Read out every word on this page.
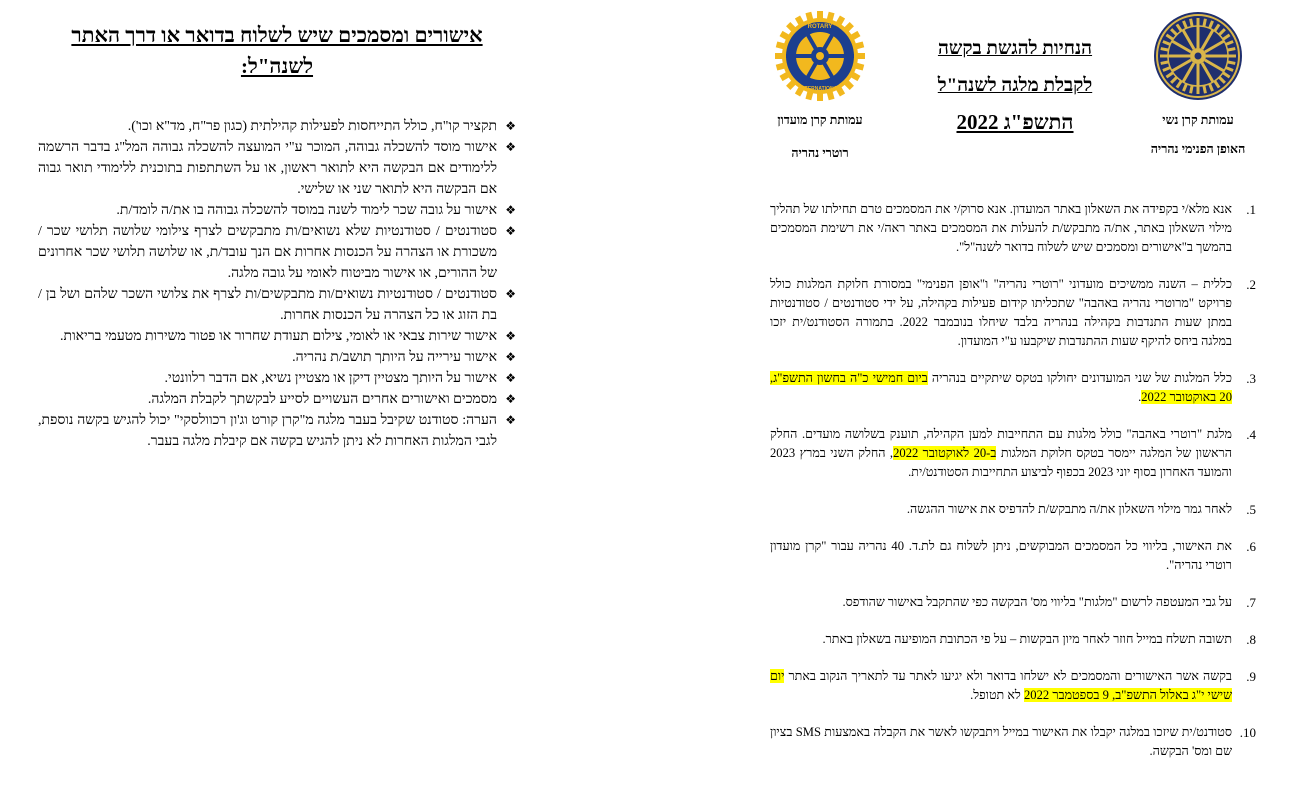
אישורים ומסמכים שיש לשלוח בדואר או דרך האתר
לשנה"ל:
❖
תקציר קו"ח, כולל התייחסות לפעילות קהילתית (כגון פר"ח, מד"א וכו').
❖
אישור מוסד להשכלה גבוהה, המוכר ע"י המועצה להשכלה גבוהה המל"ג בדבר הרשמה ללימודים אם הבקשה היא לתואר ראשון, או על השתתפות בתוכנית ללימודי תואר גבוה אם הבקשה היא לתואר שני או שלישי.
❖
אישור על גובה שכר לימוד לשנה במוסד להשכלה גבוהה בו את/ה לומד/ת.
❖
סטודנטים / סטודנטיות שלא נשואים/ות מתבקשים לצרף צילומי שלושה תלושי שכר / משכורת או הצהרה על הכנסות אחרות אם הנך עובד/ת, או שלושה תלושי שכר אחרונים של ההורים, או אישור מביטוח לאומי על גובה מלגה.
❖
סטודנטים / סטודנטיות נשואים/ות מתבקשים/ות לצרף את צלושי השכר שלהם ושל בן / בת הזוג או כל הצהרה על הכנסות אחרות.
❖
אישור שירות צבאי או לאומי, צילום תעודת שחרור או פטור משירות מטעמי בריאות.
❖
אישור עירייה על היותך תושב/ת נהריה.
❖
אישור על היותך מצטיין דיקן או מצטיין נשיא, אם הדבר רלוונטי.
❖
מסמכים ואישורים אחרים העשויים לסייע לבקשתך לקבלת המלגה.
❖
הערה: סטודנט שקיבל בעבר מלגה מ"קרן קורט וג'ון רכוולסקי" יכול להגיש בקשה נוספת, לגבי המלגות האחרות לא ניתן להגיש בקשה אם קיבלת מלגה בעבר.
עמותת קרן נשי
האופן הפנימי נהריה
הנחיות להגשת בקשה
לקבלת מלגה לשנה"ל
התשפ"ג 2022
ROTARY
INTERNATIONAL
עמותת קרן מועדון
רוטרי נהריה
1.
אנא מלא/י בקפידה את השאלון באתר המועדון. אנא סרוק/י את המסמכים טרם תחילתו של תהליך מילוי השאלון באתר, את/ה מתבקש/ת להעלות את המסמכים באתר ראה/י את רשימת המסמכים בהמשך ב"אישורים ומסמכים שיש לשלוח בדואר לשנה"ל".
2.
כללית – השנה ממשיכים מועדוני "רוטרי נהריה" ו"אופן הפנימי" במסורת חלוקת המלגות כולל פרויקט "מרוטרי נהריה באהבה" שתכליתו קידום פעילות בקהילה, על ידי סטודנטים / סטודנטיות במתן שעות התנדבות בקהילה בנהריה בלבד שיחלו בנובמבר 2022. בתמורה הסטודנט/ית יזכו במלגה ביחס להיקף שעות ההתנדבות שיקבעו ע"י המועדון.
3.
כלל המלגות של שני המועדונים יחולקו בטקס שיתקיים בנהריה ביום חמישי כ"ה בחשון התשפ"ג, 20 באוקטובר 2022.
4.
מלגת "רוטרי באהבה" כולל מלגות עם התחייבות למען הקהילה, תוענק בשלושה מועדים. החלק הראשון של המלגה יימסר בטקס חלוקת המלגות ב-20 לאוקטובר 2022, החלק השני במרץ 2023 והמועד האחרון בסוף יוני 2023 בכפוף לביצוע התחייבות הסטודנט/ית.
5.
לאחר גמר מילוי השאלון את/ה מתבקש/ת להדפיס את אישור ההגשה.
6.
את האישור, בליווי כל המסמכים המבוקשים, ניתן לשלוח גם לת.ד. 40 נהריה עבור "קרן מועדון רוטרי נהריה".
7.
על גבי המעטפה לרשום "מלגות" בליווי מס' הבקשה כפי שהתקבל באישור שהודפס.
8.
תשובה תשלח במייל חוזר לאחר מיון הבקשות – על פי הכתובת המופיעה בשאלון באתר.
9.
בקשה אשר האישורים והמסמכים לא ישלחו בדואר ולא יגיעו לאתר עד לתאריך הנקוב באתר יום שישי י"ג באלול התשפ"ב, 9 בספטמבר 2022 לא תטופל.
10.
סטודנט/ית שיזכו במלגה יקבלו את האישור במייל ויתבקשו לאשר את הקבלה באמצעות SMS בציון שם ומס' הבקשה.
